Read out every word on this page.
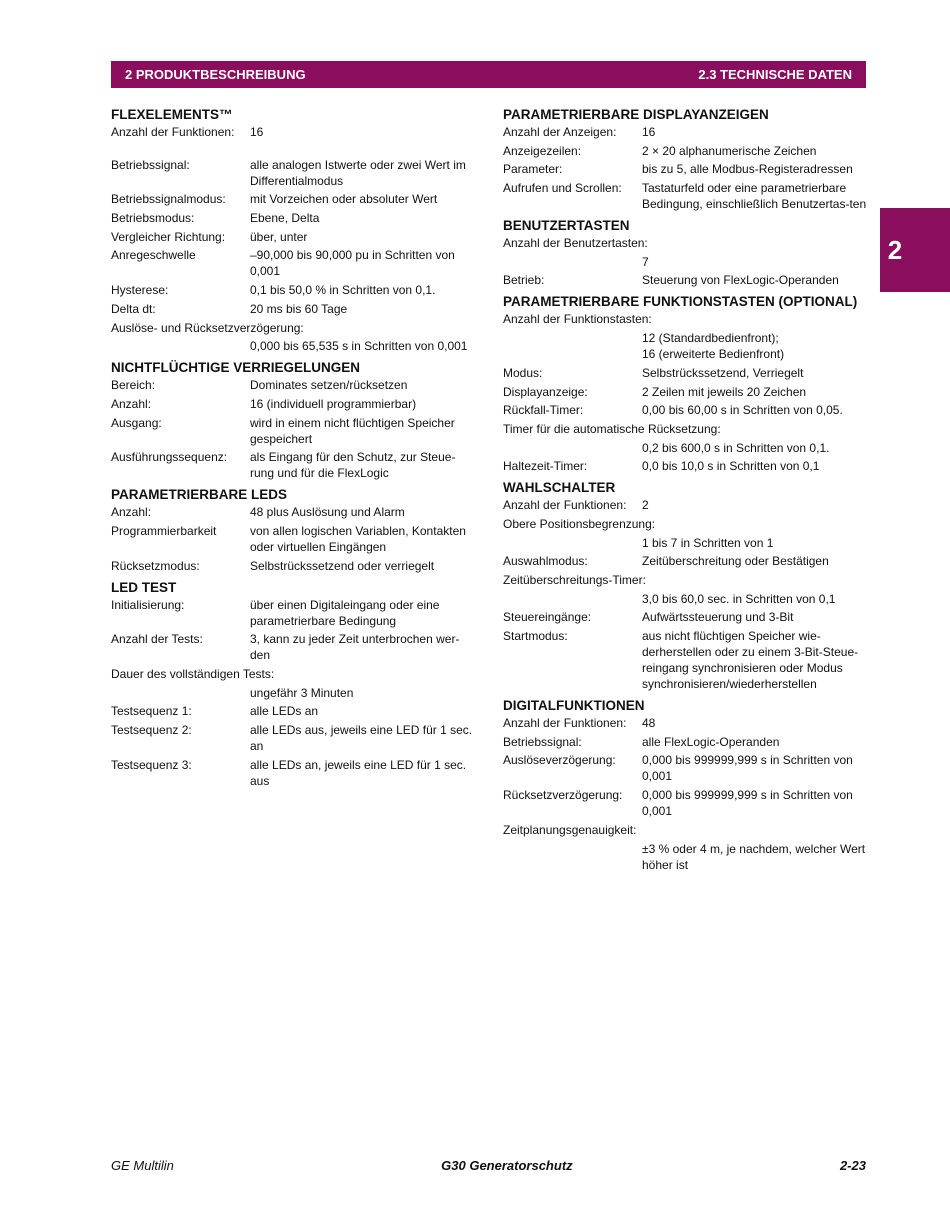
2 PRODUKTBESCHREIBUNG	2.3 TECHNISCHE DATEN
2
FLEXELEMENTS™
Anzahl der Funktionen:	16
Betriebssignal:	alle analogen Istwerte oder zwei Wert im Differentialmodus
Betriebssignalmodus:	mit Vorzeichen oder absoluter Wert
Betriebsmodus:	Ebene, Delta
Vergleicher Richtung:	über, unter
Anregeschwelle	–90,000 bis 90,000 pu in Schritten von 0,001
Hysterese:	0,1 bis 50,0 % in Schritten von 0,1.
Delta dt:	20 ms bis 60 Tage
Auslöse- und Rücksetzverzögerung:
0,000 bis 65,535 s in Schritten von 0,001
NICHTFLÜCHTIGE VERRIEGELUNGEN
Bereich:	Dominates setzen/rücksetzen
Anzahl:	16 (individuell programmierbar)
Ausgang:	wird in einem nicht flüchtigen Speicher gespeichert
Ausführungssequenz:	als Eingang für den Schutz, zur Steue-rung und für die FlexLogic
PARAMETRIERBARE LEDS
Anzahl:	48 plus Auslösung und Alarm
Programmierbarkeit	von allen logischen Variablen, Kontakten oder virtuellen Eingängen
Rücksetzmodus:	Selbstrückssetzend oder verriegelt
LED TEST
Initialisierung:	über einen Digitaleingang oder eine parametrierbare Bedingung
Anzahl der Tests:	3, kann zu jeder Zeit unterbrochen wer-den
Dauer des vollständigen Tests:
ungefähr 3 Minuten
Testsequenz 1:	alle LEDs an
Testsequenz 2:	alle LEDs aus, jeweils eine LED für 1 sec. an
Testsequenz 3:	alle LEDs an, jeweils eine LED für 1 sec. aus
PARAMETRIERBARE DISPLAYANZEIGEN
Anzahl der Anzeigen:	16
Anzeigezeilen:	2 × 20 alphanumerische Zeichen
Parameter:	bis zu 5, alle Modbus-Registeradressen
Aufrufen und Scrollen:	Tastaturfeld oder eine parametrierbare Bedingung, einschließlich Benutzertas-ten
BENUTZERTASTEN
Anzahl der Benutzertasten:
7
Betrieb:	Steuerung von FlexLogic-Operanden
PARAMETRIERBARE FUNKTIONSTASTEN (OPTIONAL)
Anzahl der Funktionstasten:
12 (Standardbedienfront);
16 (erweiterte Bedienfront)
Modus:	Selbstrückssetzend, Verriegelt
Displayanzeige:	2 Zeilen mit jeweils 20 Zeichen
Rückfall-Timer:	0,00 bis 60,00 s in Schritten von 0,05.
Timer für die automatische Rücksetzung:
0,2 bis 600,0 s in Schritten von 0,1.
Haltezeit-Timer:	0,0 bis 10,0 s in Schritten von 0,1
WAHLSCHALTER
Anzahl der Funktionen:	2
Obere Positionsbegrenzung:
1 bis 7 in Schritten von 1
Auswahlmodus:	Zeitüberschreitung oder Bestätigen
Zeitüberschreitungs-Timer:
3,0 bis 60,0 sec. in Schritten von 0,1
Steuereingänge:	Aufwärtssteuerung und 3-Bit
Startmodus:	aus nicht flüchtigen Speicher wie-derherstellen oder zu einem 3-Bit-Steue-reingang synchronisieren oder Modus synchronisieren/wiederherstellen
DIGITALFUNKTIONEN
Anzahl der Funktionen:	48
Betriebssignal:	alle FlexLogic-Operanden
Auslöseverzögerung:	0,000 bis 999999,999 s in Schritten von 0,001
Rücksetzverzögerung:	0,000 bis 999999,999 s in Schritten von 0,001
Zeitplanungsgenauigkeit:
±3 % oder 4 m, je nachdem, welcher Wert höher ist
GE Multilin	G30 Generatorschutz	2-23
